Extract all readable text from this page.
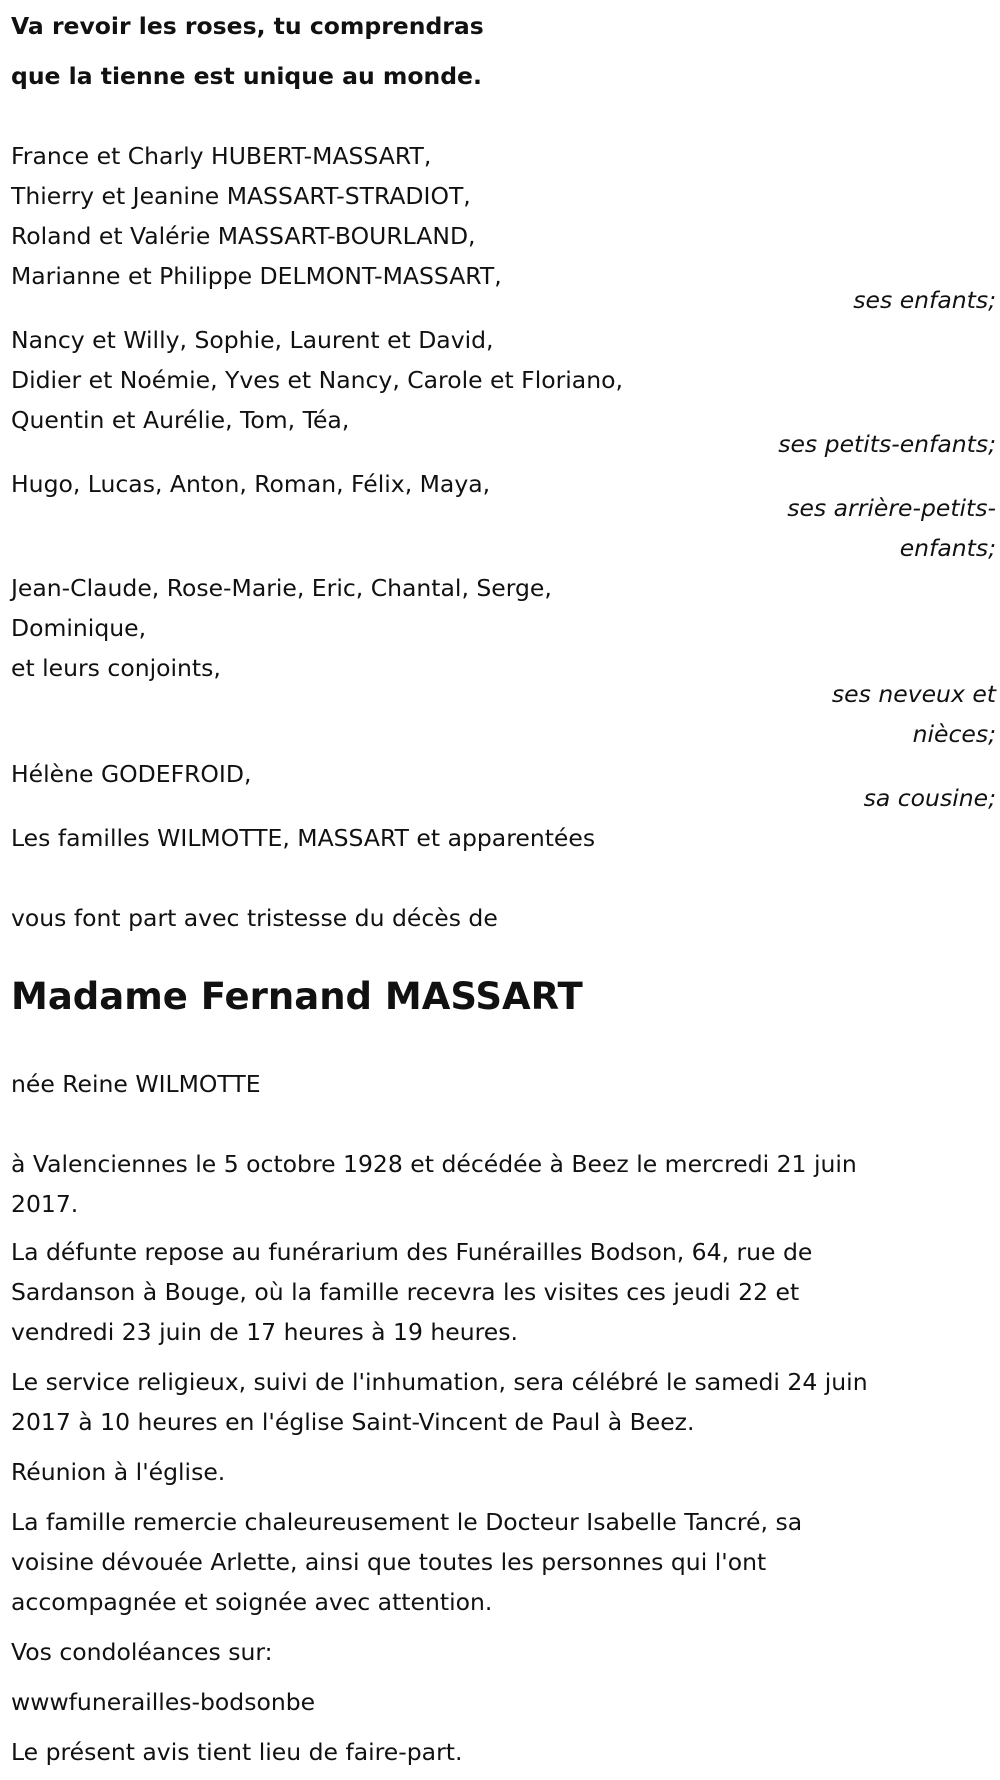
Va revoir les roses, tu comprendras
que la tienne est unique au monde.
France et Charly HUBERT-MASSART,
Thierry et Jeanine MASSART-STRADIOT,
Roland et Valérie MASSART-BOURLAND,
Marianne et Philippe DELMONT-MASSART,
ses enfants;
Nancy et Willy, Sophie, Laurent et David,
Didier et Noémie, Yves et Nancy, Carole et Floriano,
Quentin et Aurélie, Tom, Téa,
ses petits-enfants;
Hugo, Lucas, Anton, Roman, Félix, Maya,
ses arrière-petits-
enfants;
Jean-Claude, Rose-Marie, Eric, Chantal, Serge,
Dominique,
et leurs conjoints,
ses neveux et
nièces;
Hélène GODEFROID,
sa cousine;
Les familles WILMOTTE, MASSART et apparentées
vous font part avec tristesse du décès de
Madame Fernand MASSART
née Reine WILMOTTE
à Valenciennes le 5 octobre 1928 et décédée à Beez le mercredi 21 juin
2017.
La défunte repose au funérarium des Funérailles Bodson, 64, rue de
Sardanson à Bouge, où la famille recevra les visites ces jeudi 22 et
vendredi 23 juin de 17 heures à 19 heures.
Le service religieux, suivi de l'inhumation, sera célébré le samedi 24 juin
2017 à 10 heures en l'église Saint-Vincent de Paul à Beez.
Réunion à l'église.
La famille remercie chaleureusement le Docteur Isabelle Tancré, sa
voisine dévouée Arlette, ainsi que toutes les personnes qui l'ont
accompagnée et soignée avec attention.
Vos condoléances sur:
wwwfunerailles-bodsonbe
Le présent avis tient lieu de faire-part.
